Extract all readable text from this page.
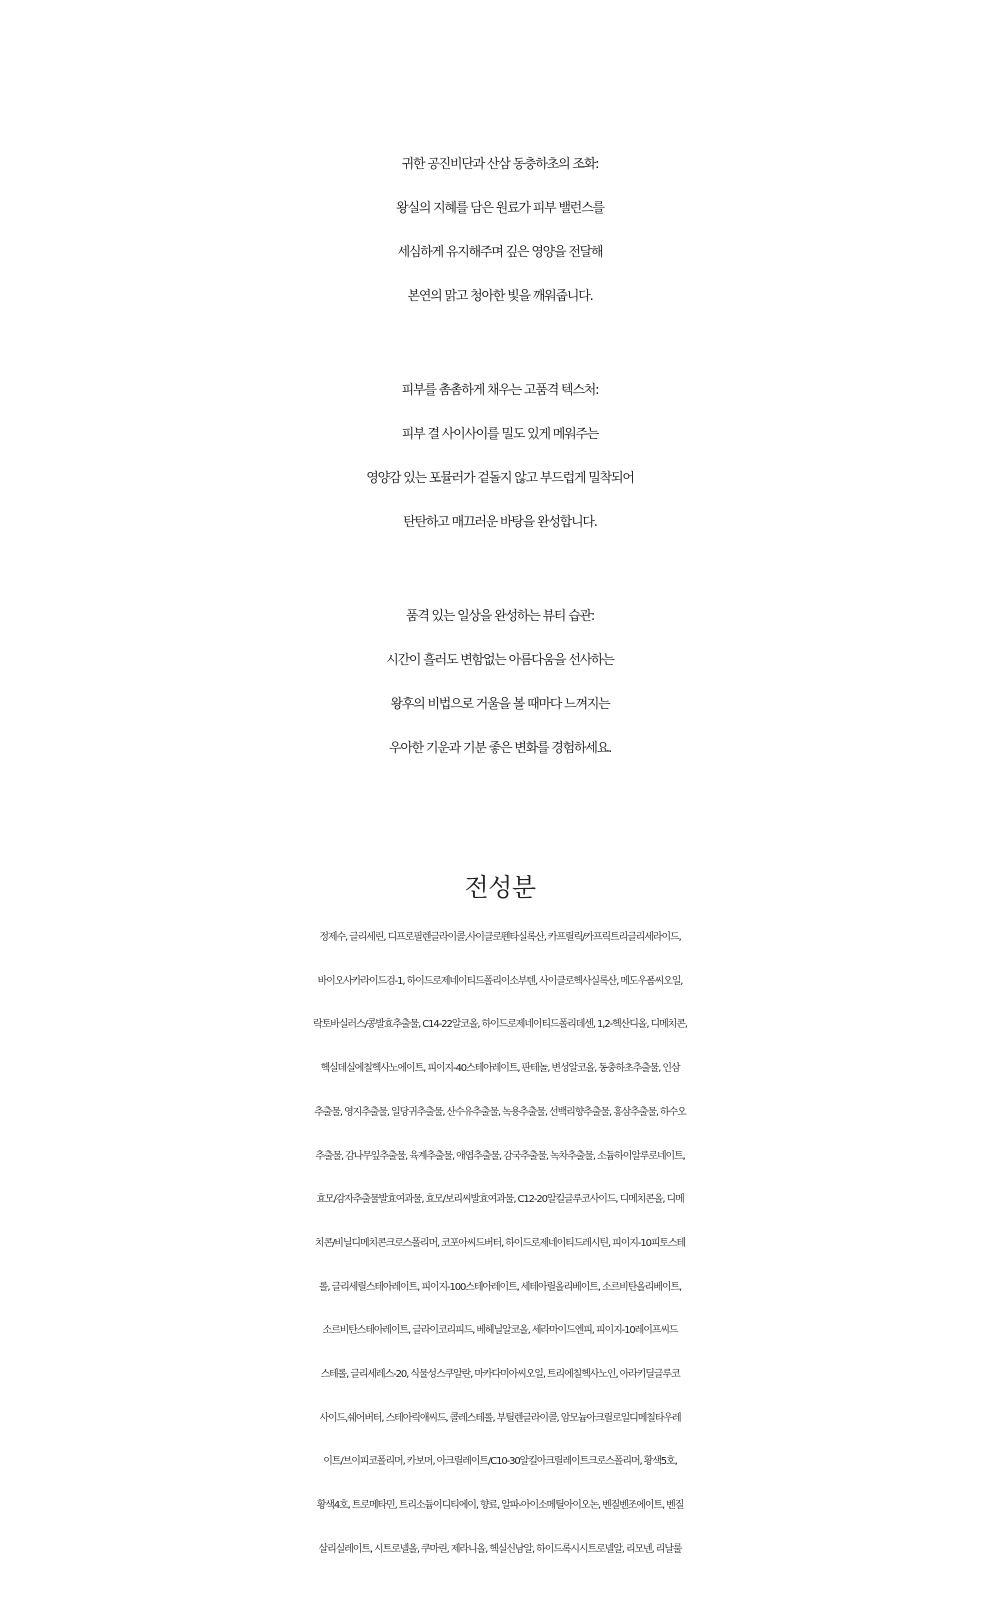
귀한 공진비단과 산삼 동충하초의 조화:
왕실의 지혜를 담은 원료가 피부 밸런스를
세심하게 유지해주며 깊은 영양을 전달해
본연의 맑고 청아한 빛을 깨워줍니다.
피부를 촘촘하게 채우는 고품격 텍스처:
피부 결 사이사이를 밀도 있게 메워주는
영양감 있는 포뮬러가 겉돌지 않고 부드럽게 밀착되어
탄탄하고 매끄러운 바탕을 완성합니다.
품격 있는 일상을 완성하는 뷰티 습관:
시간이 흘러도 변함없는 아름다움을 선사하는
왕후의 비법으로 거울을 볼 때마다 느껴지는
우아한 기운과 기분 좋은 변화를 경험하세요.
전성분
정제수, 글리세린, 디프로필렌글라이콜,사이클로펜타실록산, 카프릴릭/카프릭트리글리세라이드,
바이오사카라이드검-1, 하이드로제네이티드폴리이소부텐, 사이클로헥사실록산, 메도우폼씨오일,
락토바실러스/콩발효추출물, C14-22알코올, 하이드로제네이티드폴리데센, 1,2-헥산디올, 디메치콘,
헥실데실에칠헥사노에이트, 피이지-40스테아레이트, 판테놀, 변성알코올, 동충하초추출물, 인삼
추출물, 영지추출물, 일당귀추출물, 산수유추출물, 녹용추출물, 선백리향추출물, 홍삼추출물, 하수오
추출물, 감나무잎추출물, 육계추출물, 애엽추출물, 감국추출물, 녹차추출물, 소듐하이알루로네이트,
효모/감자추출물발효여과물, 효모/보리씨발효여과물, C12-20알킬글루코사이드, 디메치콘올, 디메
치콘/비닐디메치콘크로스폴리머, 코포아씨드버터, 하이드로제네이티드레시틴, 피이지-10피토스테
롤, 글리세릴스테아레이트, 피이지-100스테아레이트, 세테아릴올리베이트, 소르비탄올리베이트,
소르비탄스테아레이트, 글라이코리피드, 베헤닐알코올, 세라마이드엔피, 피이지-10레이프씨드
스테롤, 글리세레스-20, 식물성스쿠알란, 마카다미아씨오일, 트리에칠헥사노인, 아라키딜글루코
사이드,쉐어버터, 스테아릭애씨드, 콜레스테롤, 부틸렌글라이콜, 암모늄아크릴로일디메칠타우레
이트/브이피코폴리머, 카보머, 아크릴레이트/C10-30알킬아크릴레이트크로스폴리머, 황색5호,
황색4호, 트로메타민, 트리소듐이디티에이, 향료, 알파-아이소메틸아이오논, 벤질벤조에이트, 벤질
살리실레이트, 시트로넬올, 쿠마린, 제라니올, 헥실신남알, 하이드록시시트로넬알, 리모넨, 리날룰
